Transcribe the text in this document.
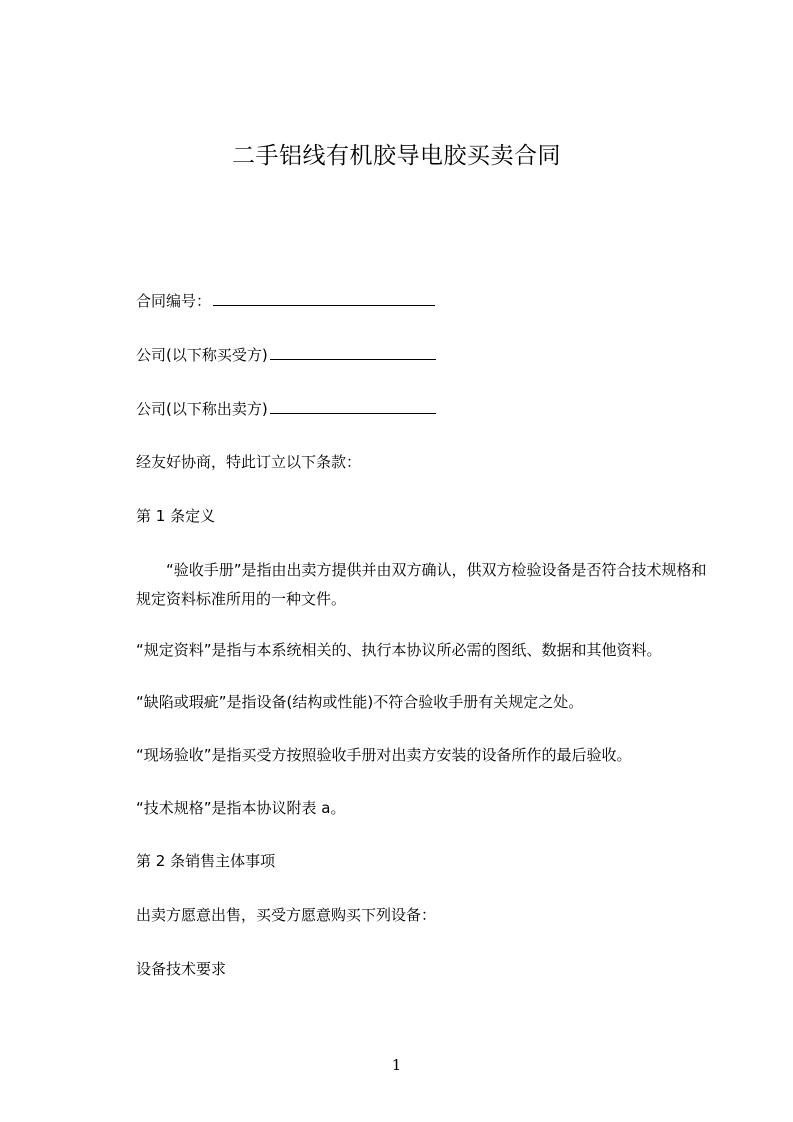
二手铝线有机胶导电胶买卖合同
合同编号：
公司(以下称买受方)
公司(以下称出卖方)
经友好协商，特此订立以下条款：
第 1 条定义
“验收手册”是指由出卖方提供并由双方确认，供双方检验设备是否符合技术规格和规定资料标准所用的一种文件。
“规定资料”是指与本系统相关的、执行本协议所必需的图纸、数据和其他资料。
“缺陷或瑕疵”是指设备(结构或性能)不符合验收手册有关规定之处。
“现场验收”是指买受方按照验收手册对出卖方安装的设备所作的最后验收。
“技术规格”是指本协议附表 a。
第 2 条销售主体事项
出卖方愿意出售，买受方愿意购买下列设备：
设备技术要求
1
